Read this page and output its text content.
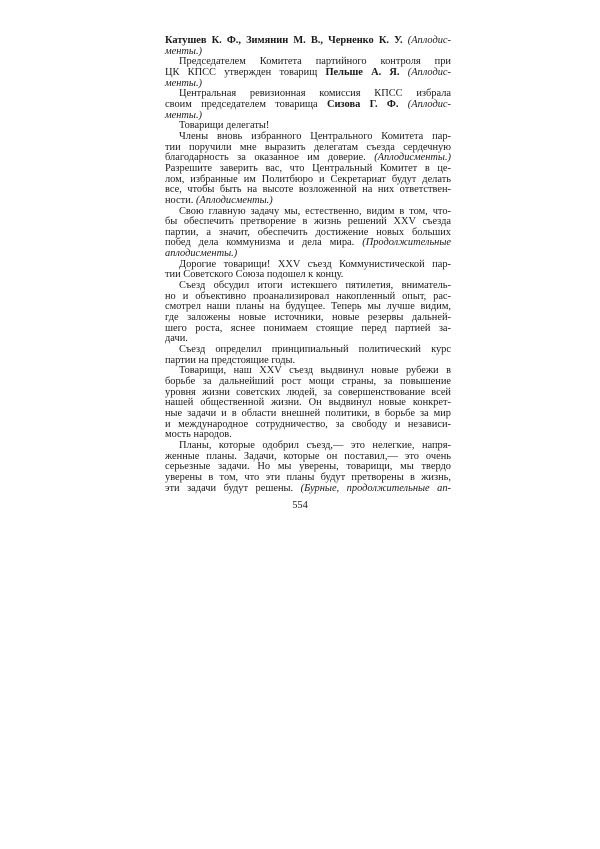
Катушев К. Ф., Зимянин М. В., Черненко К. У. (Аплодис-
менты.)
Председателем Комитета партийного контроля при
ЦК КПСС утвержден товарищ Пельше А. Я. (Аплодис-
менты.)
Центральная ревизионная комиссия КПСС избрала
своим председателем товарища Сизова Г. Ф. (Аплодис-
менты.)
Товарищи делегаты!
Члены вновь избранного Центрального Комитета пар-
тии поручили мне выразить делегатам съезда сердечную
благодарность за оказанное им доверие. (Аплодисменты.)
Разрешите заверить вас, что Центральный Комитет в це-
лом, избранные им Политбюро и Секретариат будут делать
все, чтобы быть на высоте возложенной на них ответствен-
ности. (Аплодисменты.)
Свою главную задачу мы, естественно, видим в том, что-
бы обеспечить претворение в жизнь решений XXV съезда
партии, а значит, обеспечить достижение новых больших
побед дела коммунизма и дела мира. (Продолжительные
аплодисменты.)
Дорогие товарищи! XXV съезд Коммунистической пар-
тии Советского Союза подошел к концу.
Съезд обсудил итоги истекшего пятилетия, вниматель-
но и объективно проанализировал накопленный опыт, рас-
смотрел наши планы на будущее. Теперь мы лучше видим,
где заложены новые источники, новые резервы дальней-
шего роста, яснее понимаем стоящие перед партией за-
дачи.
Съезд определил принципиальный политический курс
партии на предстоящие годы.
Товарищи, наш XXV съезд выдвинул новые рубежи в
борьбе за дальнейший рост мощи страны, за повышение
уровня жизни советских людей, за совершенствование всей
нашей общественной жизни. Он выдвинул новые конкрет-
ные задачи и в области внешней политики, в борьбе за мир
и международное сотрудничество, за свободу и независи-
мость народов.
Планы, которые одобрил съезд,— это нелегкие, напря-
женные планы. Задачи, которые он поставил,— это очень
серьезные задачи. Но мы уверены, товарищи, мы твердо
уверены в том, что эти планы будут претворены в жизнь,
эти задачи будут решены. (Бурные, продолжительные ап-
554
